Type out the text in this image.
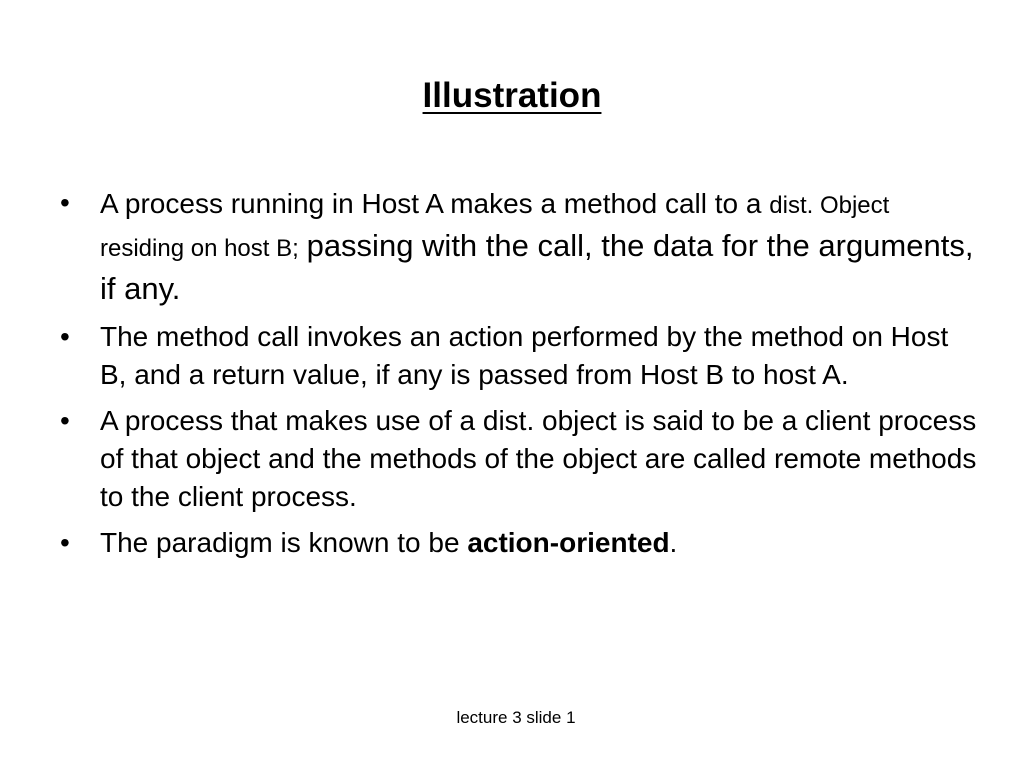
Illustration
•	A process running in Host A makes a method call to a dist. Object residing on host B; passing with the call, the data for the arguments, if any.
•	The method call invokes an action performed by the method on Host B, and a return value, if any is passed from Host B to host A.
•	A process that makes use of a dist. object is said to be a client process of that object and the methods of the object are called remote methods to the client process.
•	The paradigm is known to be action-oriented.
lecture 3 slide 1
